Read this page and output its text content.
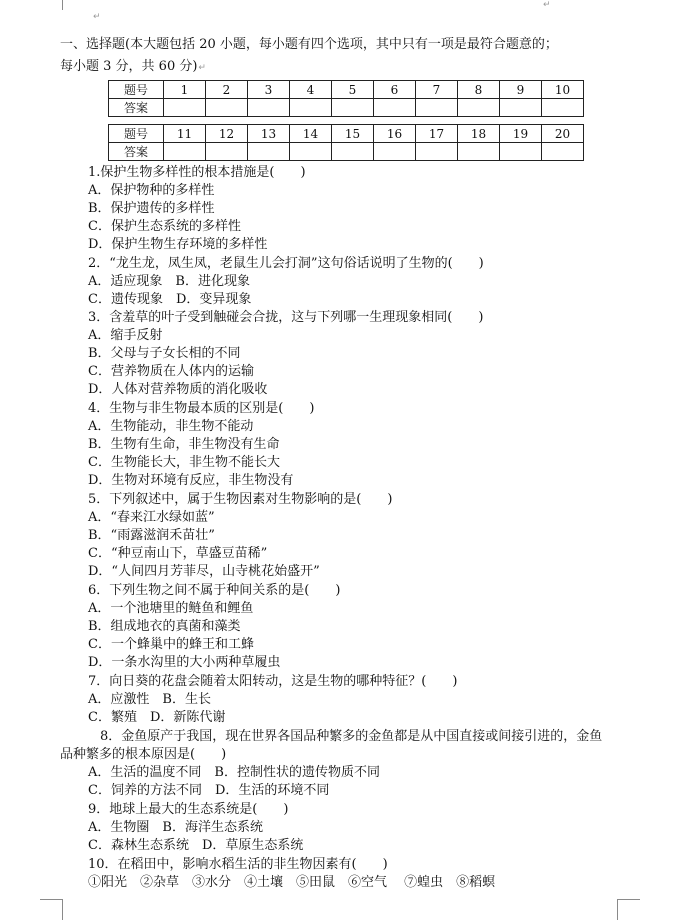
↵
↵
一、选择题(本大题包括 20 小题，每小题有四个选项，其中只有一项是最符合题意的；
每小题 3 分，共 60 分)↵
题号	1	2	3	4	5	6	7	8	9	10
答案										
题号	11	12	13	14	15	16	17	18	19	20
答案										
1.保护生物多样性的根本措施是(　　)
A．保护物种的多样性
B．保护遗传的多样性
C．保护生态系统的多样性
D．保护生物生存环境的多样性
2．“龙生龙，凤生凤，老鼠生儿会打洞”这句俗话说明了生物的(　　)
A．适应现象　B．进化现象
C．遗传现象　D．变异现象
3．含羞草的叶子受到触碰会合拢，这与下列哪一生理现象相同(　　)
A．缩手反射
B．父母与子女长相的不同
C．营养物质在人体内的运输
D．人体对营养物质的消化吸收
4．生物与非生物最本质的区别是(　　)
A．生物能动，非生物不能动
B．生物有生命，非生物没有生命
C．生物能长大，非生物不能长大
D．生物对环境有反应，非生物没有
5．下列叙述中，属于生物因素对生物影响的是(　　)
A．“春来江水绿如蓝”
B．“雨露滋润禾苗壮”
C．“种豆南山下，草盛豆苗稀”
D．“人间四月芳菲尽，山寺桃花始盛开”
6．下列生物之间不属于种间关系的是(　　)
A．一个池塘里的鲢鱼和鲤鱼
B．组成地衣的真菌和藻类
C．一个蜂巢中的蜂王和工蜂
D．一条水沟里的大小两种草履虫
7．向日葵的花盘会随着太阳转动，这是生物的哪种特征？(　　)
A．应激性　B．生长
C．繁殖　D．新陈代谢
8．金鱼原产于我国，现在世界各国品种繁多的金鱼都是从中国直接或间接引进的，金鱼
品种繁多的根本原因是(　　)
A．生活的温度不同　B．控制性状的遗传物质不同
C．饲养的方法不同　D．生活的环境不同
9．地球上最大的生态系统是(　　)
A．生物圈　B．海洋生态系统
C．森林生态系统　D．草原生态系统
10．在稻田中，影响水稻生活的非生物因素有(　　)
①阳光　②杂草　③水分　④土壤　⑤田鼠　⑥空气　 ⑦蝗虫　⑧稻螟
